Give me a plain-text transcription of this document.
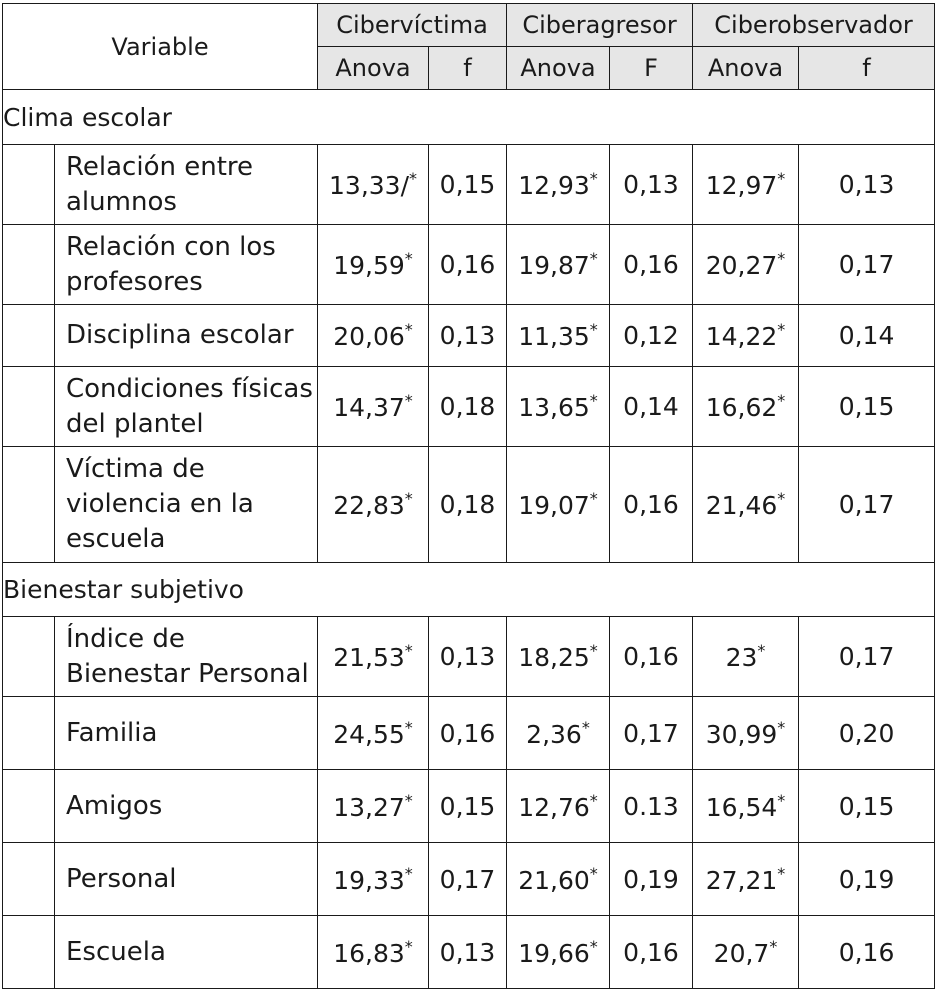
Variable		Cibervíctima		Ciberagresor		Ciberobservador	
		Anova	f	Anova	F	Anova	f
Clima escolar							
	Relación entre alumnos	13,33/*	0,15	12,93*	0,13	12,97*	0,13
	Relación con los profesores	19,59*	0,16	19,87*	0,16	20,27*	0,17
	Disciplina escolar	20,06*	0,13	11,35*	0,12	14,22*	0,14
	Condiciones físicas del plantel	14,37*	0,18	13,65*	0,14	16,62*	0,15
	Víctima de violencia en la escuela	22,83*	0,18	19,07*	0,16	21,46*	0,17
Bienestar subjetivo							
	Índice de Bienestar Personal	21,53*	0,13	18,25*	0,16	23*	0,17
	Familia	24,55*	0,16	2,36*	0,17	30,99*	0,20
	Amigos	13,27*	0,15	12,76*	0.13	16,54*	0,15
	Personal	19,33*	0,17	21,60*	0,19	27,21*	0,19
	Escuela	16,83*	0,13	19,66*	0,16	20,7*	0,16
